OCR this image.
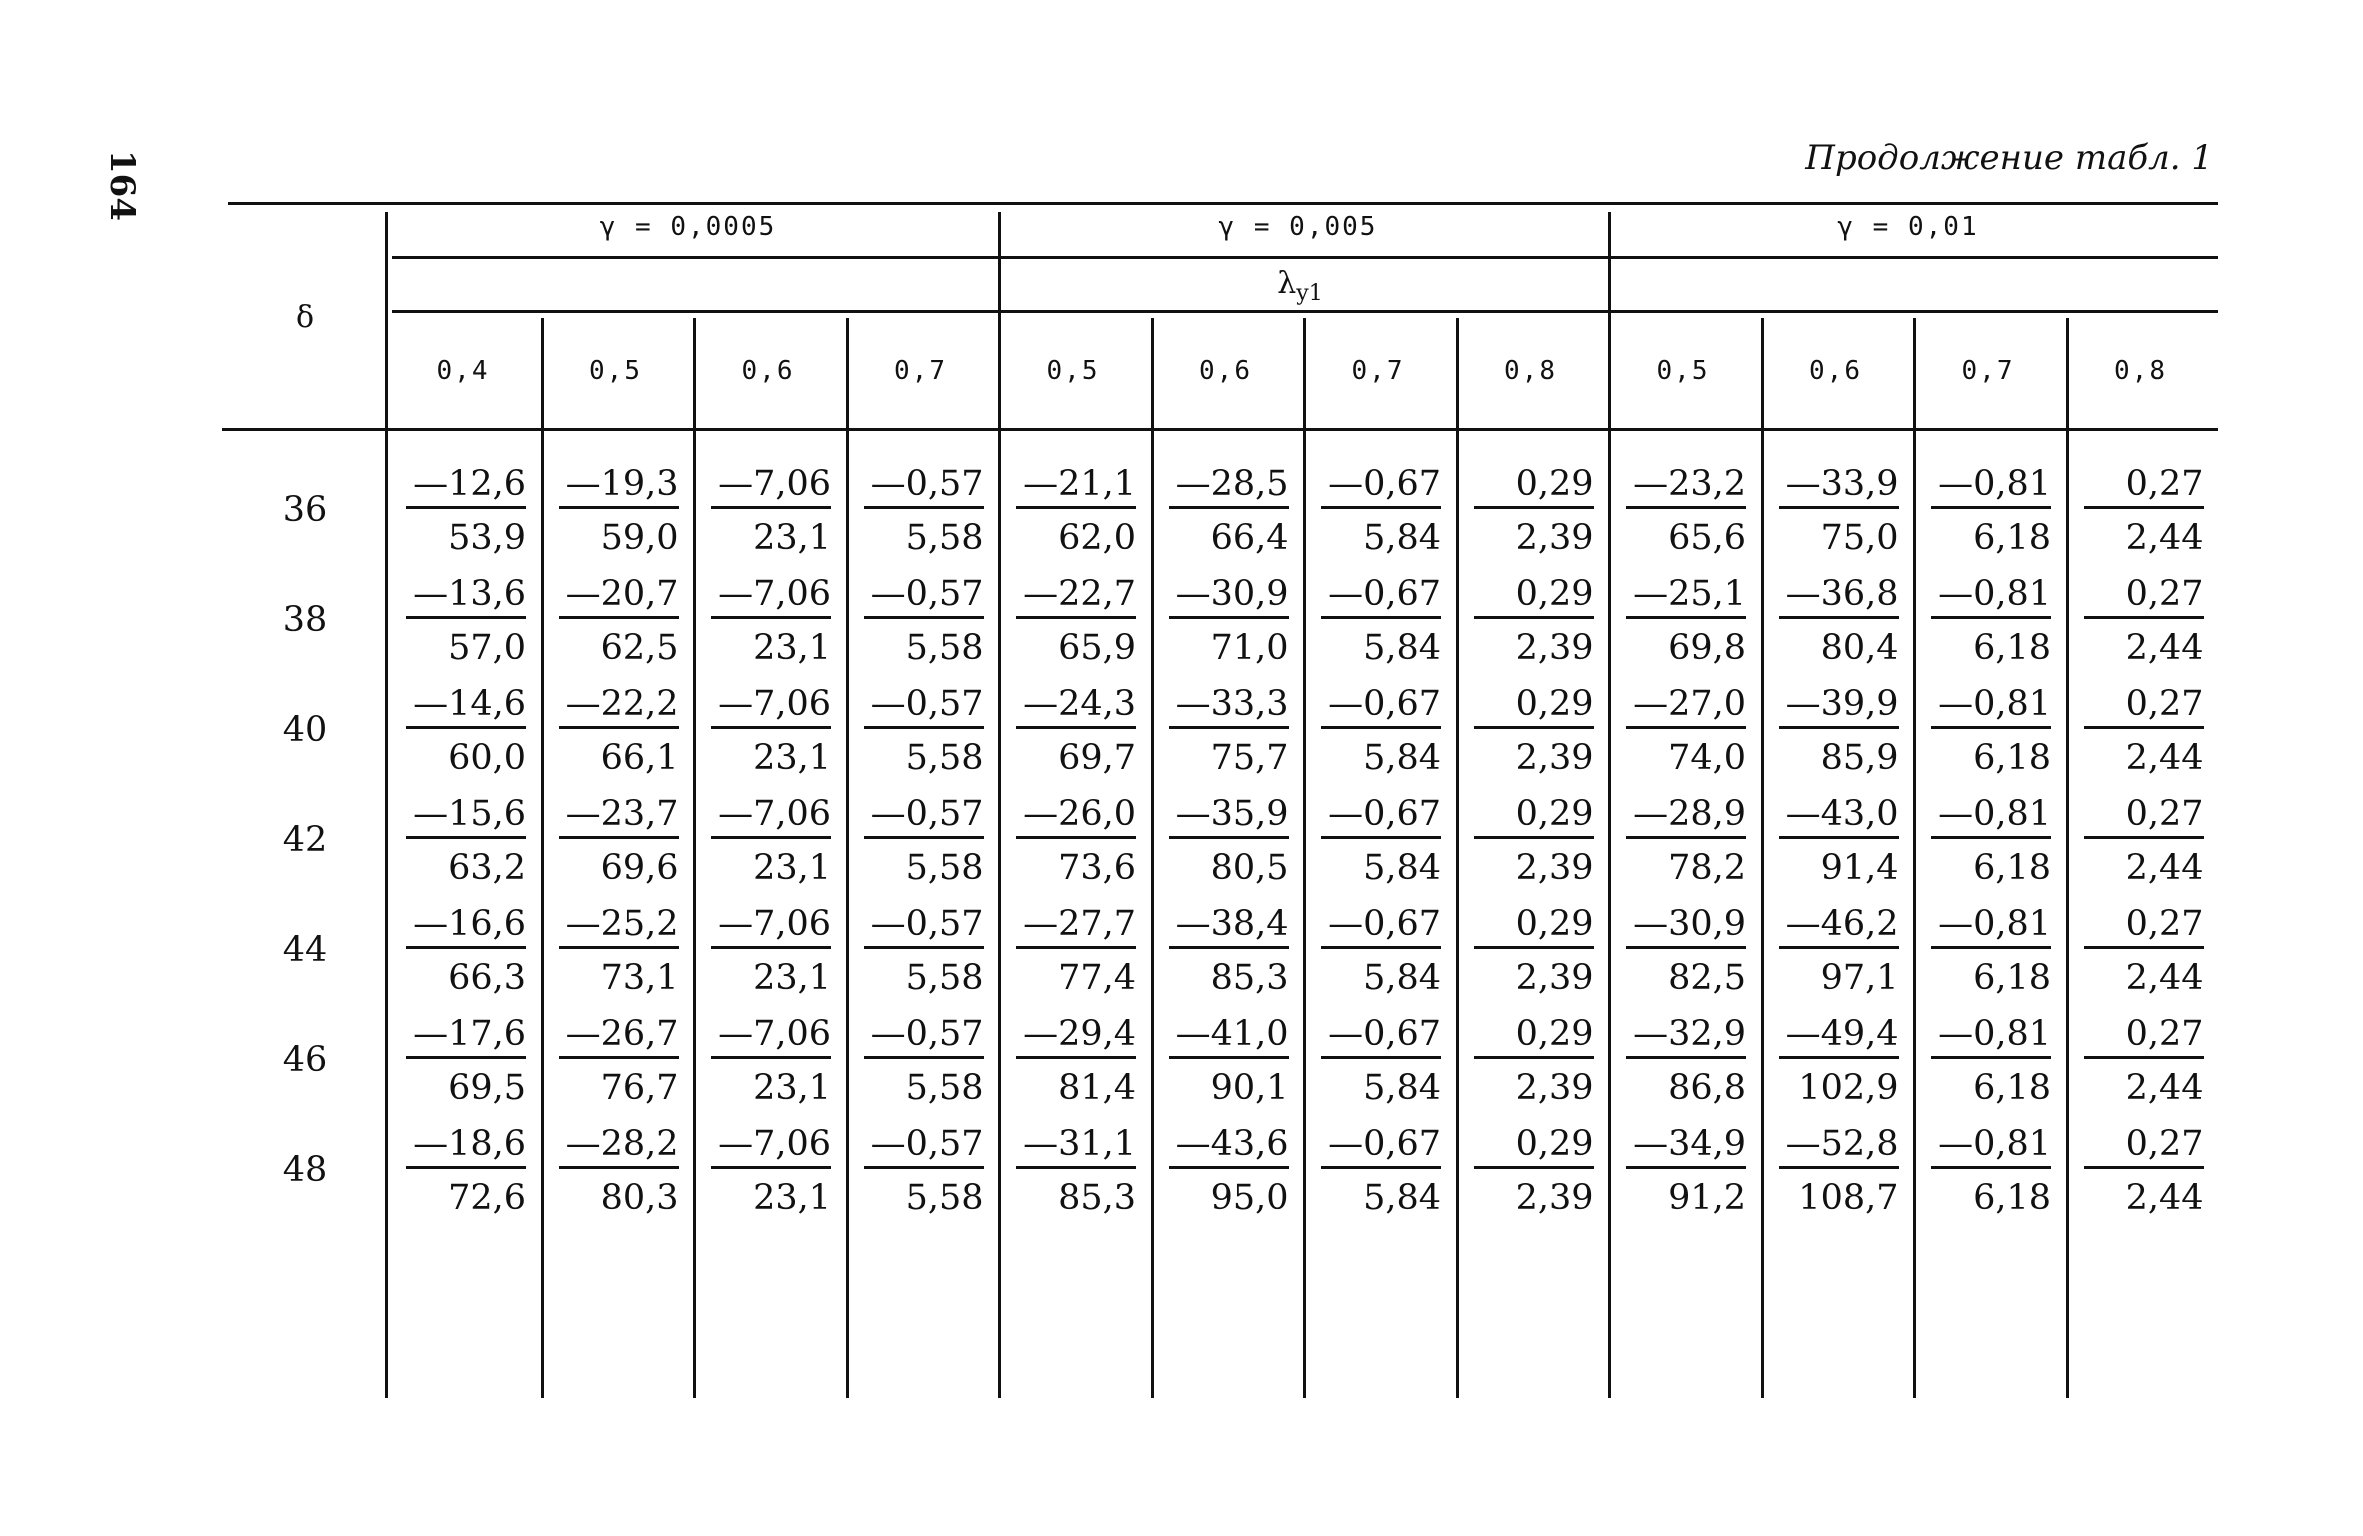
164	Продолжение табл. 1
δ
γ = 0,0005
0,4	0,5	0,6	0,7
γ = 0,005
0,5	0,6	0,7	0,8
γ = 0,01
0,5	0,6	0,7	0,8
$\lambda_{y1}$
36	$\frac{—12,6}{53,9} \frac{—19,3}{59,0} \frac{—7,06}{23,1} \frac{—0,57}{5,58} \frac{—21,1}{62,0} \frac{—28,5}{66,4} \frac{—0,67}{5,84} \frac{0,29}{2,39} \frac{—23,2}{65,6} \frac{—33,9}{75,0} \frac{—0,81}{6,18} \frac{0,27}{2,44}$
38	$\frac{—13,6}{57,0} \frac{—20,7}{62,5} \frac{—7,06}{23,1} \frac{—0,57}{5,58} \frac{—22,7}{65,9} \frac{—30,9}{71,0} \frac{—0,67}{5,84} \frac{0,29}{2,39} \frac{—25,1}{69,8} \frac{—36,8}{80,4} \frac{—0,81}{6,18} \frac{0,27}{2,44}$
40	$\frac{—14,6}{60,0} \frac{—22,2}{66,1} \frac{—7,06}{23,1} \frac{—0,57}{5,58} \frac{—24,3}{69,7} \frac{—33,3}{75,7} \frac{—0,67}{5,84} \frac{0,29}{2,39} \frac{—27,0}{74,0} \frac{—39,9}{85,9} \frac{—0,81}{6,18} \frac{0,27}{2,44}$
42	$\frac{—15,6}{63,2} \frac{—23,7}{69,6} \frac{—7,06}{23,1} \frac{—0,57}{5,58} \frac{—26,0}{73,6} \frac{—35,9}{80,5} \frac{—0,67}{5,84} \frac{0,29}{2,39} \frac{—28,9}{78,2} \frac{—43,0}{91,4} \frac{—0,81}{6,18} \frac{0,27}{2,44}$
44	$\frac{—16,6}{66,3} \frac{—25,2}{73,1} \frac{—7,06}{23,1} \frac{—0,57}{5,58} \frac{—27,7}{77,4} \frac{—38,4}{85,3} \frac{—0,67}{5,84} \frac{0,29}{2,39} \frac{—30,9}{82,5} \frac{—46,2}{97,1} \frac{—0,81}{6,18} \frac{0,27}{2,44}$
46	$\frac{—17,6}{69,5} \frac{—26,7}{76,7} \frac{—7,06}{23,1} \frac{—0,57}{5,58} \frac{—29,4}{81,4} \frac{—41,0}{90,1} \frac{—0,67}{5,84} \frac{0,29}{2,39} \frac{—32,9}{86,8} \frac{—49,4}{102,9} \frac{—0,81}{6,18} \frac{0,27}{2,44}$
48	$\frac{—18,6}{72,6} \frac{—28,2}{80,3} \frac{—7,06}{23,1} \frac{—0,57}{5,58} \frac{—31,1}{85,3} \frac{—43,6}{95,0} \frac{—0,67}{5,84} \frac{0,29}{2,39} \frac{—34,9}{91,2} \frac{—52,8}{108,7} \frac{—0,81}{6,18} \frac{0,27}{2,44}$
